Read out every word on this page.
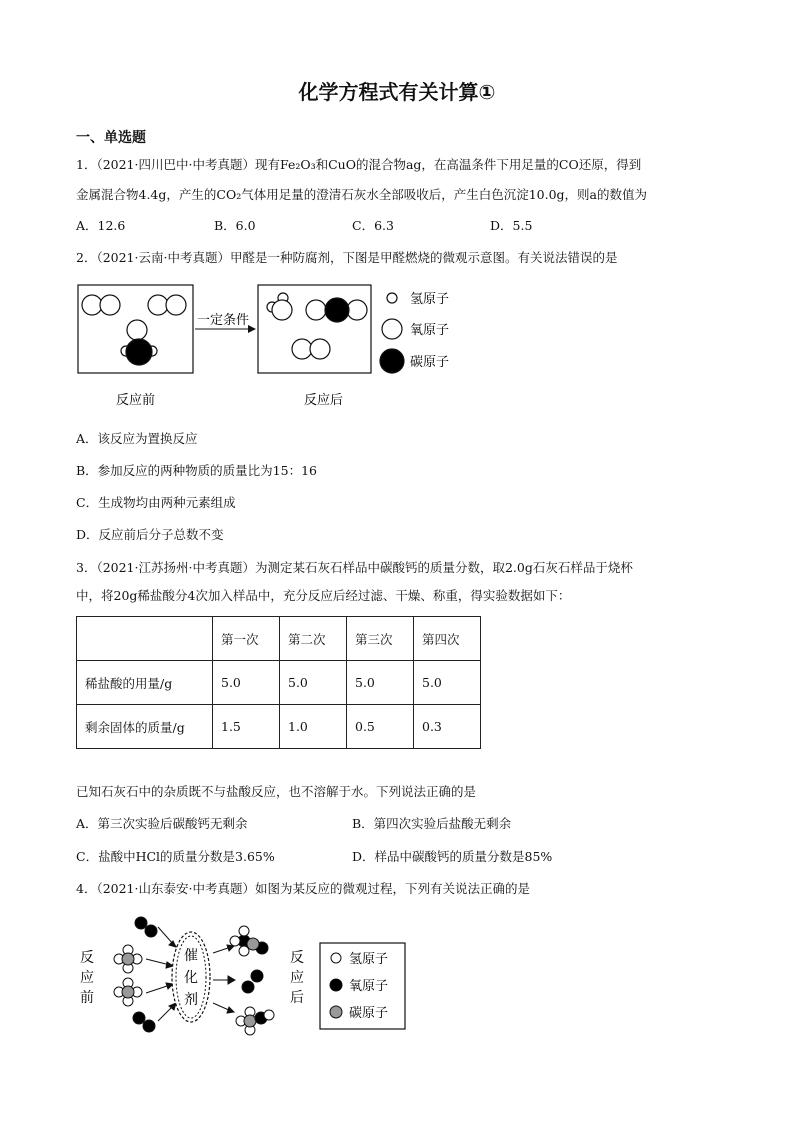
化学方程式有关计算①
一、单选题
1．（2021·四川巴中·中考真题）现有Fe₂O₃和CuO的混合物ag，在高温条件下用足量的CO还原，得到
金属混合物4.4g，产生的CO₂气体用足量的澄清石灰水全部吸收后，产生白色沉淀10.0g，则a的数值为
A．12.6	B．6.0	C．6.3	D．5.5
2．（2021·云南·中考真题）甲醛是一种防腐剂，下图是甲醛燃烧的微观示意图。有关说法错误的是
一定条件
氢原子
氧原子
碳原子
反应前	反应后
A．该反应为置换反应
B．参加反应的两种物质的质量比为15：16
C．生成物均由两种元素组成
D．反应前后分子总数不变
3．（2021·江苏扬州·中考真题）为测定某石灰石样品中碳酸钙的质量分数，取2.0g石灰石样品于烧杯
中，将20g稀盐酸分4次加入样品中，充分反应后经过滤、干燥、称重，得实验数据如下：
	第一次	第二次	第三次	第四次
稀盐酸的用量/g	5.0	5.0	5.0	5.0
剩余固体的质量/g	1.5	1.0	0.5	0.3
已知石灰石中的杂质既不与盐酸反应，也不溶解于水。下列说法正确的是
A．第三次实验后碳酸钙无剩余	B．第四次实验后盐酸无剩余
C．盐酸中HCl的质量分数是3.65%	D．样品中碳酸钙的质量分数是85%
4．（2021·山东泰安·中考真题）如图为某反应的微观过程，下列有关说法正确的是
反
应
前
催
化
剂
反
应
后
氢原子
氧原子
碳原子
